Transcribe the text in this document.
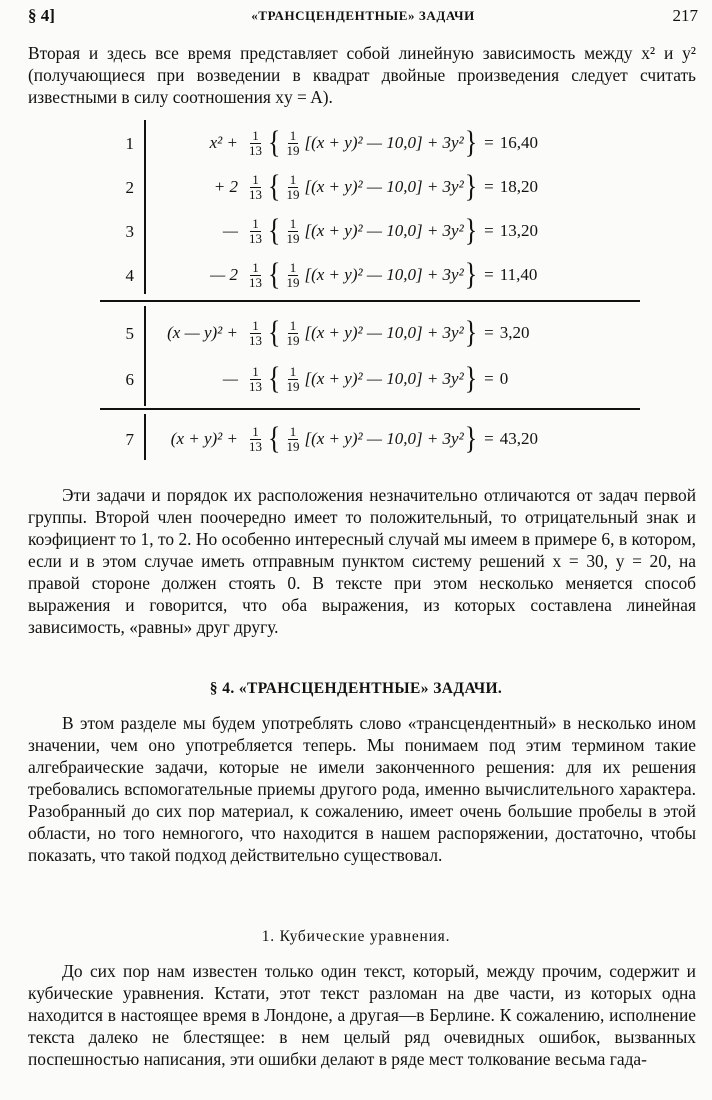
§ 4]	«ТРАНСЦЕНДЕНТНЫЕ» ЗАДАЧИ	217
Вторая и здесь все время представляет собой линейную зависимость между x² и y² (получающиеся при возведении в квадрат двойные произведения следует считать известными в силу соотношения xy = A).
1	$x^2 + \frac{1}{13}$ { $\frac{1}{19} [(x + y)^2$ — 10,0] + 3y² } = 16,40
2	+ $2 \frac{1}{13}$ { $\frac{1}{19} [(x + y)^2$ — 10,0] + 3y² } = 18,20
3	— $\frac{1}{13}$ { $\frac{1}{19} [(x + y)^2$ — 10,0] + 3y² } = 13,20
4	— $2 \frac{1}{13}$ { $\frac{1}{19} [(x + y)^2$ — 10,0] + 3y² } = 11,40
5	(x — $y)^2 + \frac{1}{13}$ { $\frac{1}{19} [(x + y)^2$ — 10,0] + 3y² } = 3,20
6	— $\frac{1}{13}$ { $\frac{1}{19} [(x + y)^2$ — 10,0] + 3y² } = 0
7	$(x + y)^2 + \frac{1}{13}$ { $\frac{1}{19} [(x + y)^2$ — 10,0] + 3y² } = 43,20
Эти задачи и порядок их расположения незначительно отличаются от задач первой группы. Второй член поочередно имеет то положительный, то отрицательный знак и коэфициент то 1, то 2. Но особенно интересный случай мы имеем в примере 6, в котором, если и в этом случае иметь отправным пунктом систему решений x = 30, y = 20, на правой стороне должен стоять 0. В тексте при этом несколько меняется способ выражения и говорится, что оба выражения, из которых составлена линейная зависимость, «равны» друг другу.
§ 4. «ТРАНСЦЕНДЕНТНЫЕ» ЗАДАЧИ.
В этом разделе мы будем употреблять слово «трансцендентный» в несколько ином значении, чем оно употребляется теперь. Мы понимаем под этим термином такие алгебраические задачи, которые не имели законченного решения: для их решения требовались вспомогательные приемы другого рода, именно вычислительного характера. Разобранный до сих пор материал, к сожалению, имеет очень большие пробелы в этой области, но того немногого, что находится в нашем распоряжении, достаточно, чтобы показать, что такой подход действительно существовал.
1. Кубические уравнения.
До сих пор нам известен только один текст, который, между прочим, содержит и кубические уравнения. Кстати, этот текст разломан на две части, из которых одна находится в настоящее время в Лондоне, а другая—в Берлине. К сожалению, исполнение текста далеко не блестящее: в нем целый ряд очевидных ошибок, вызванных поспешностью написания, эти ошибки делают в ряде мест толкование весьма гада-
